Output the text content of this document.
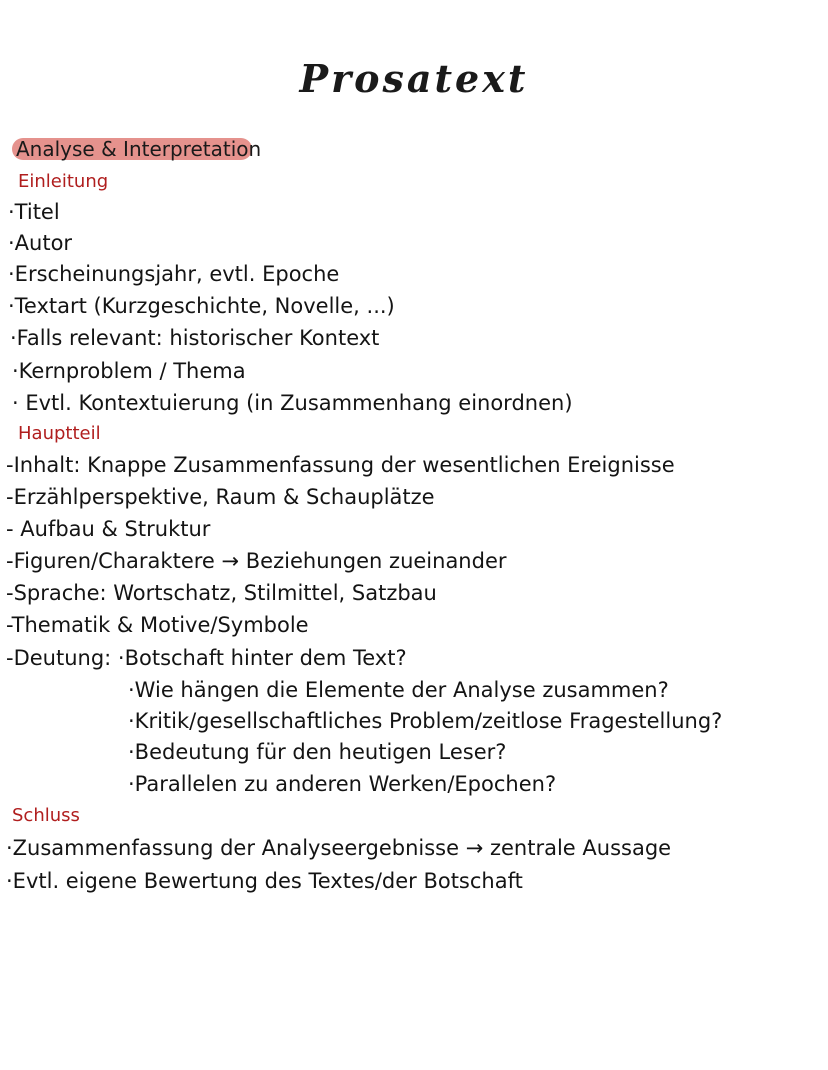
Prosatext
Analyse & Interpretation
Einleitung
·Titel
·Autor
·Erscheinungsjahr, evtl. Epoche
·Textart (Kurzgeschichte, Novelle, ...)
·Falls relevant: historischer Kontext
·Kernproblem / Thema
· Evtl. Kontextuierung (in Zusammenhang einordnen)
Hauptteil
-Inhalt: Knappe Zusammenfassung der wesentlichen Ereignisse
-Erzählperspektive, Raum & Schauplätze
- Aufbau & Struktur
-Figuren/Charaktere → Beziehungen zueinander
-Sprache: Wortschatz, Stilmittel, Satzbau
-Thematik & Motive/Symbole
-Deutung: ·Botschaft hinter dem Text?
·Wie hängen die Elemente der Analyse zusammen?
·Kritik/gesellschaftliches Problem/zeitlose Fragestellung?
·Bedeutung für den heutigen Leser?
·Parallelen zu anderen Werken/Epochen?
Schluss
·Zusammenfassung der Analyseergebnisse → zentrale Aussage
·Evtl. eigene Bewertung des Textes/der Botschaft
